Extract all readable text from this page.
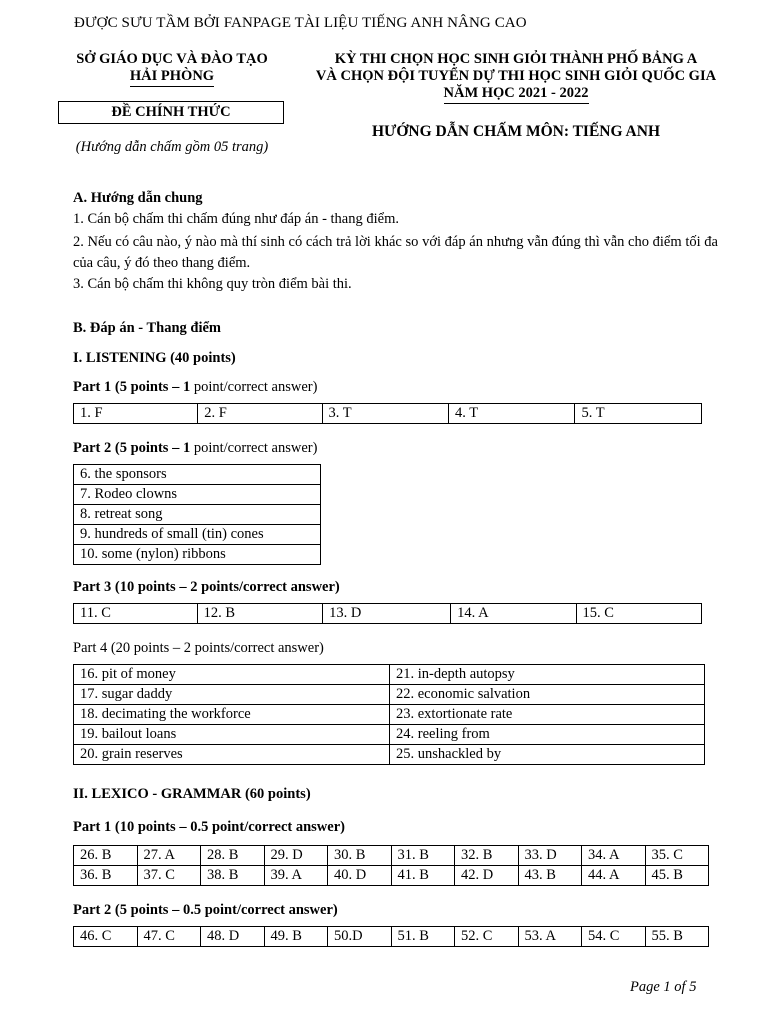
ĐƯỢC SƯU TẦM BỞI FANPAGE TÀI LIỆU TIẾNG ANH NÂNG CAO
SỞ GIÁO DỤC VÀ ĐÀO TẠO
HẢI PHÒNG
KỲ THI CHỌN HỌC SINH GIỎI THÀNH PHỐ BẢNG A
VÀ CHỌN ĐỘI TUYỂN DỰ THI HỌC SINH GIỎI QUỐC GIA
NĂM HỌC 2021 - 2022
ĐỀ CHÍNH THỨC
(Hướng dẫn chấm gồm 05 trang)
HƯỚNG DẪN CHẤM MÔN: TIẾNG ANH
A. Hướng dẫn chung
1. Cán bộ chấm thi chấm đúng như đáp án - thang điểm.
2. Nếu có câu nào, ý nào mà thí sinh có cách trả lời khác so với đáp án nhưng vẫn đúng thì vẫn cho điểm tối đa của câu, ý đó theo thang điểm.
3. Cán bộ chấm thi không quy tròn điểm bài thi.
B. Đáp án - Thang điểm
I. LISTENING (40 points)
Part 1 (5 points – 1 point/correct answer)
1. F	2. F	3. T	4. T	5. T
Part 2 (5 points – 1 point/correct answer)
6. the sponsors
7. Rodeo clowns
8. retreat song
9. hundreds of small (tin) cones
10. some (nylon) ribbons
Part 3 (10 points – 2 points/correct answer)
11. C	12. B	13. D	14. A	15. C
Part 4 (20 points – 2 points/correct answer)
16. pit of money	21. in-depth autopsy
17. sugar daddy	22. economic salvation
18. decimating the workforce	23. extortionate rate
19. bailout loans	24. reeling from
20. grain reserves	25. unshackled by
II. LEXICO - GRAMMAR (60 points)
Part 1 (10 points – 0.5 point/correct answer)
26. B	27. A	28. B	29. D	30. B	31. B	32. B	33. D	34. A	35. C
36. B	37. C	38. B	39. A	40. D	41. B	42. D	43. B	44. A	45. B
Part 2 (5 points – 0.5 point/correct answer)
46. C	47. C	48. D	49. B	50.D	51. B	52. C	53. A	54. C	55. B
Page 1 of 5
